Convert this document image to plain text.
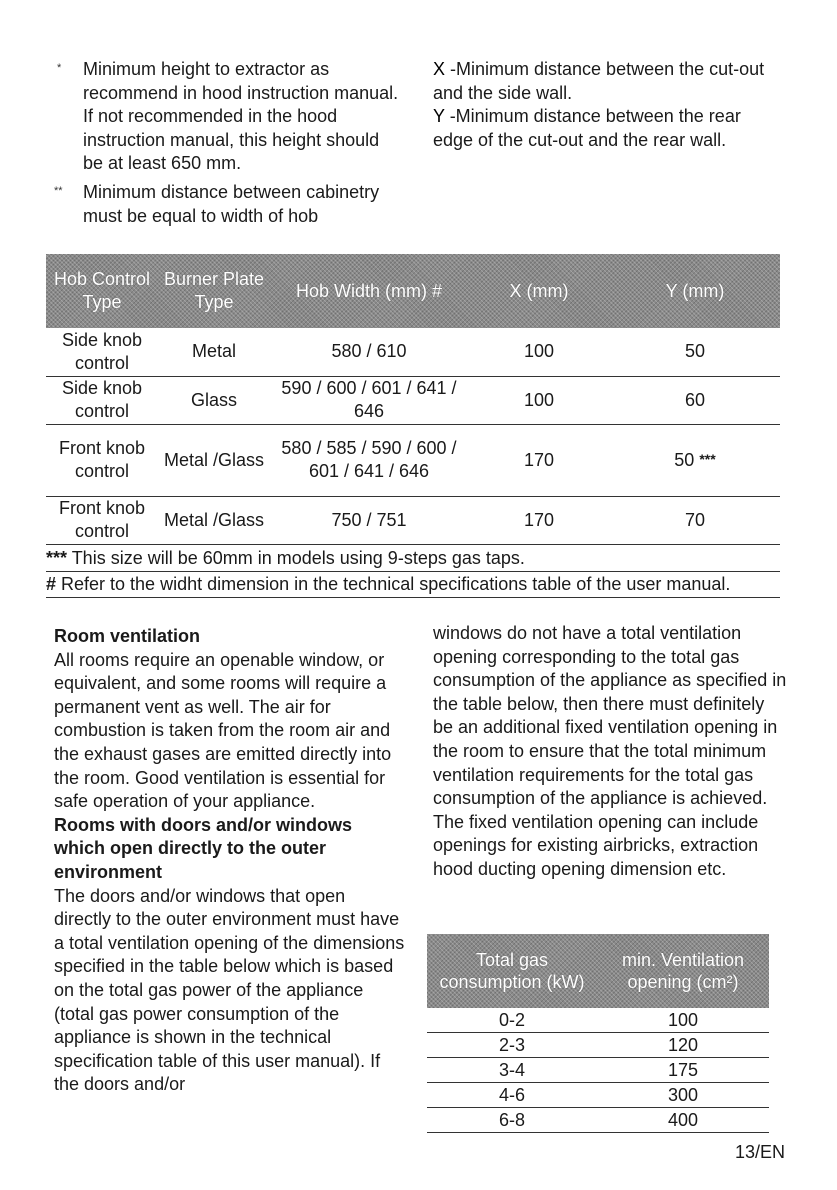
* Minimum height to extractor as recommend in hood instruction manual. If not recommended in the hood instruction manual, this height should be at least 650 mm.
** Minimum distance between cabinetry must be equal to width of hob
X -Minimum distance between the cut-out and the side wall.
Y -Minimum distance between the rear edge of the cut-out and the rear wall.
Hob Control Type	Burner Plate Type	Hob Width (mm) #	X (mm)	Y (mm)
Side knob control	Metal	580 / 610	100	50
Side knob control	Glass	590 / 600 / 601 / 641 / 646	100	60
Front knob control	Metal /Glass	580 / 585 / 590 / 600 / 601 / 641 / 646	170	50 ***
Front knob control	Metal /Glass	750 / 751	170	70
*** This size will be 60mm in models using 9-steps gas taps.
# Refer to the widht dimension in the technical specifications table of the user manual.

Room ventilation

All rooms require an openable window, or equivalent, and some rooms will require a permanent vent as well. The air for combustion is taken from the room air and the exhaust gases are emitted directly into the room. Good ventilation is essential for safe operation of your appliance.

Rooms with doors and/or windows which open directly to the outer environment

The doors and/or windows that open directly to the outer environment must have a total ventilation opening of the dimensions specified in the table below which is based on the total gas power of the appliance (total gas power consumption of the appliance is shown in the technical specification table of this user manual). If the doors and/or

windows do not have a total ventilation opening corresponding to the total gas consumption of the appliance as specified in the table below, then there must definitely be an additional fixed ventilation opening in the room to ensure that the total minimum ventilation requirements for the total gas consumption of the appliance is achieved. The fixed ventilation opening can include openings for existing airbricks, extraction hood ducting opening dimension etc.

Total gas consumption (kW)	min. Ventilation opening (cm²)
0-2	100
2-3	120
3-4	175
4-6	300
6-8	400
13/EN
